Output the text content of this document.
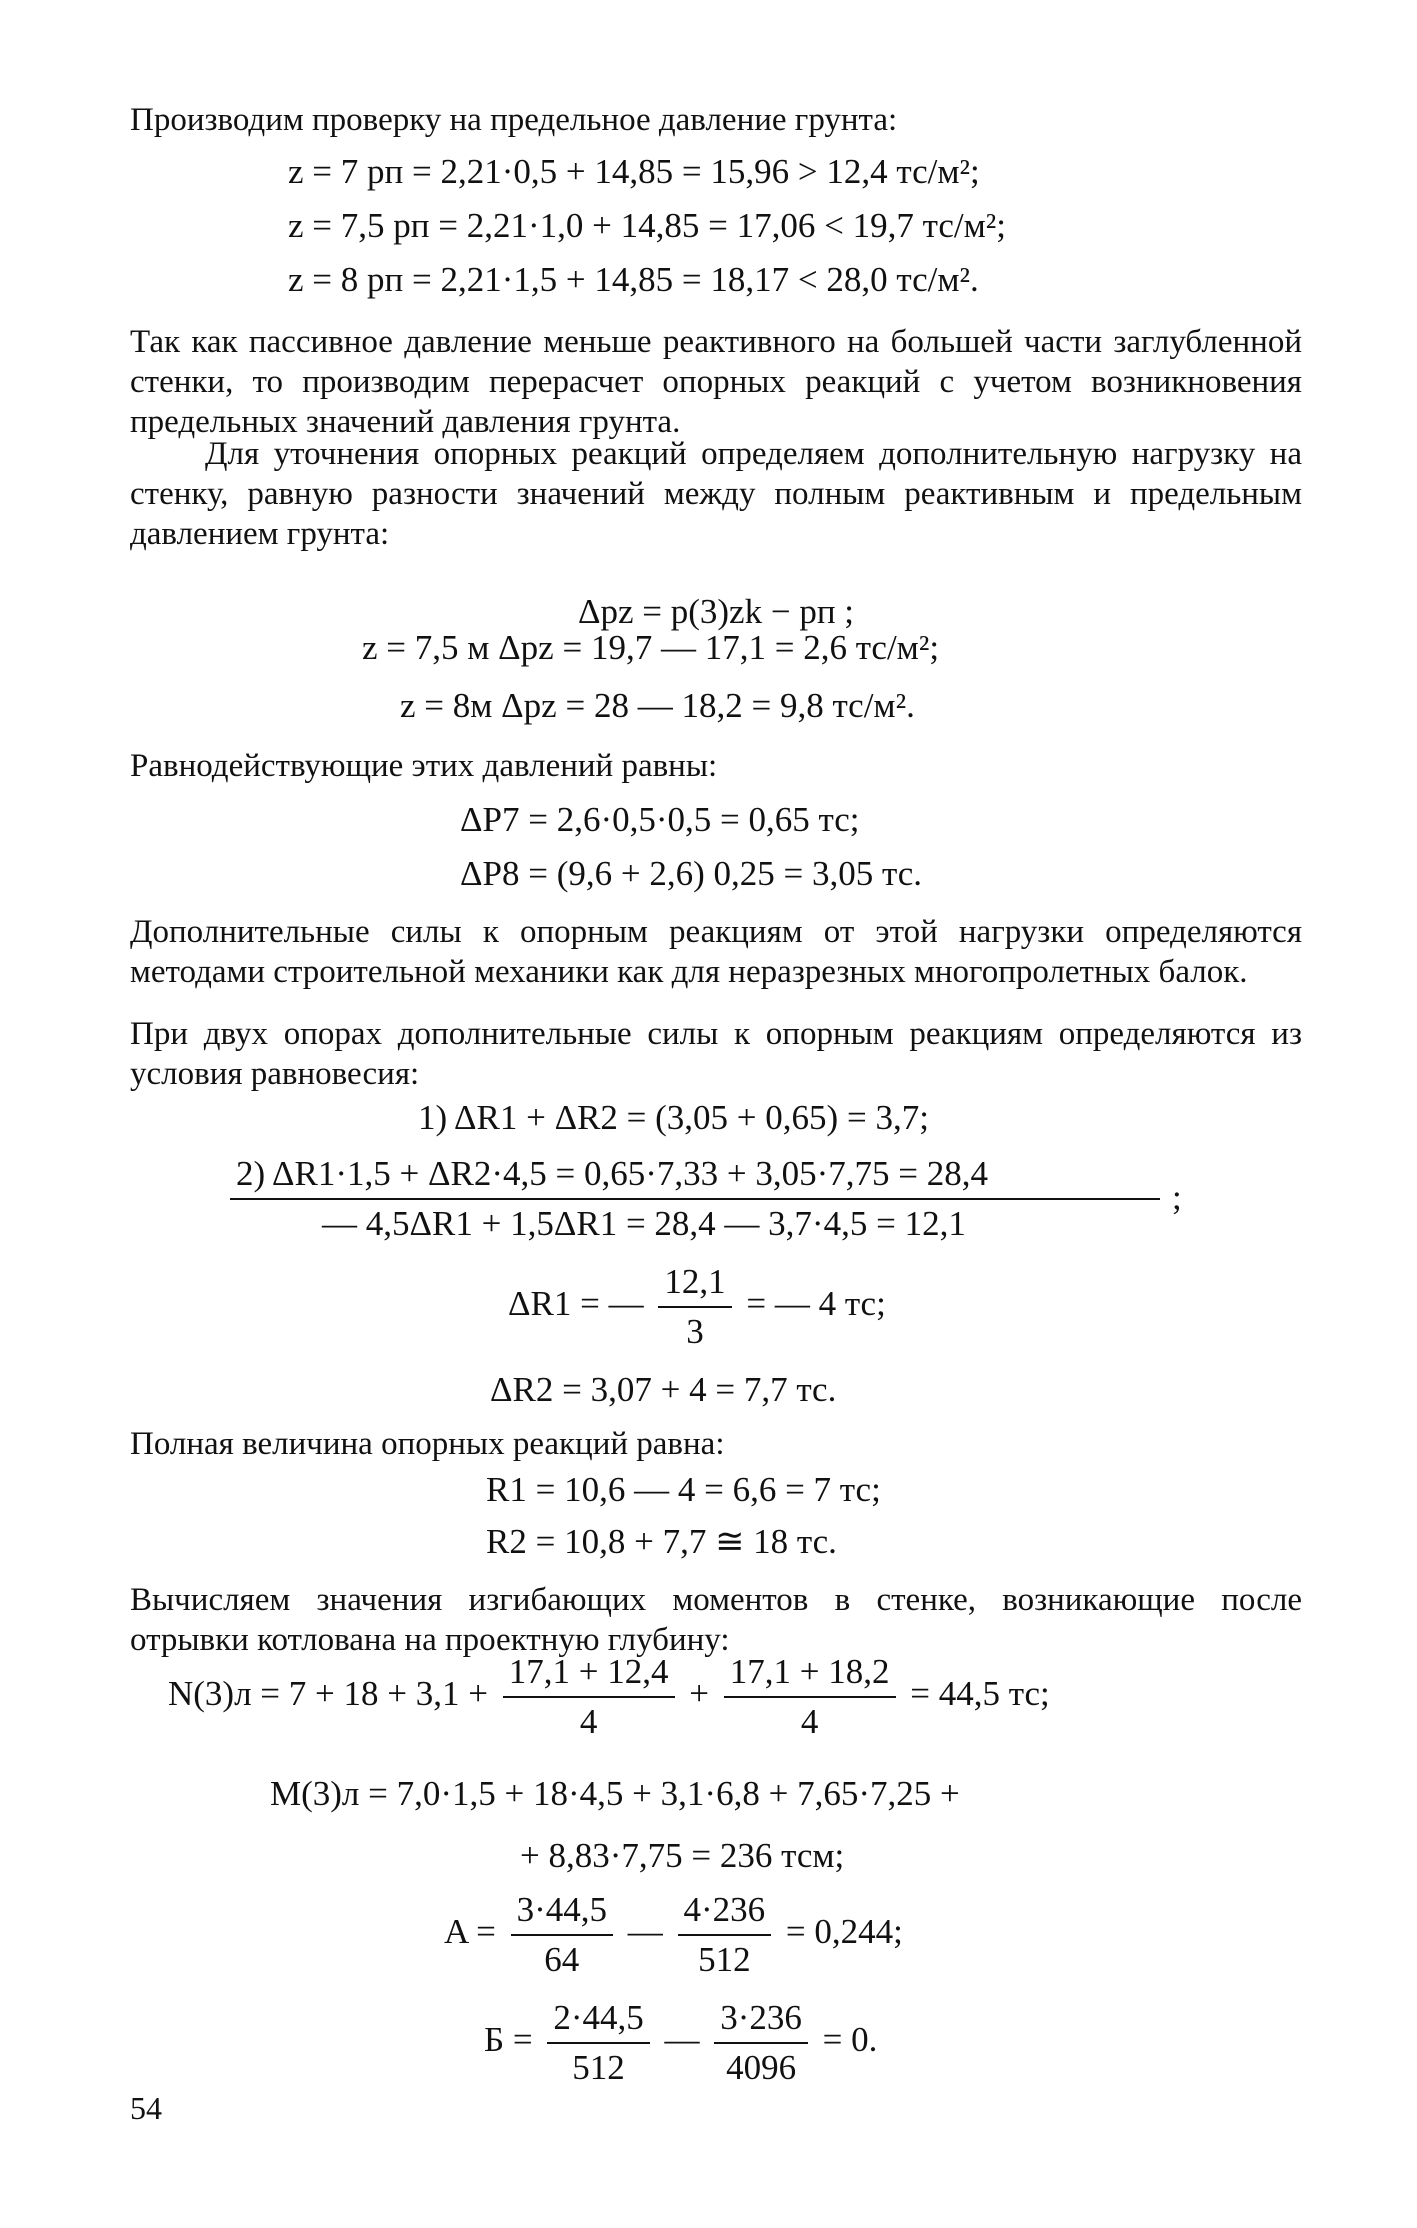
Производим проверку на предельное давление грунта:

z = 7 pп = 2,21·0,5 + 14,85 = 15,96 > 12,4 тс/м²;
z = 7,5 pп = 2,21·1,0 + 14,85 = 17,06 < 19,7 тс/м²;
z = 8 pп = 2,21·1,5 + 14,85 = 18,17 < 28,0 тс/м².

Так как пассивное давление меньше реактивного на большей части заглубленной стенки, то производим перерасчет опорных реакций с учетом возникновения предельных значений давления грунта.

Для уточнения опорных реакций определяем дополнительную нагрузку на стенку, равную разности значений между полным реактивным и предельным давлением грунта:

Δpz = p(3)zk − pп ;
z = 7,5 м Δpz = 19,7 — 17,1 = 2,6 тс/м²;
z = 8м Δpz = 28 — 18,2 = 9,8 тс/м².

Равнодействующие этих давлений равны:

ΔP7 = 2,6·0,5·0,5 = 0,65 тс;
ΔP8 = (9,6 + 2,6) 0,25 = 3,05 тс.

Дополнительные силы к опорным реакциям от этой нагрузки определяются методами строительной механики как для неразрезных многопролетных балок.

При двух опорах дополнительные силы к опорным реакциям определяются из условия равновесия:

1) ΔR1 + ΔR2 = (3,05 + 0,65) = 3,7;
2) ΔR1·1,5 + ΔR2·4,5 = 0,65·7,33 + 3,05·7,75 = 28,4
— 4,5ΔR1 + 1,5ΔR1 = 28,4 — 3,7·4,5 = 12,1
;
ΔR1 = — $\frac{12,1}{3}$ = — 4 тс;
ΔR2 = 3,07 + 4 = 7,7 тс.

Полная величина опорных реакций равна:

R1 = 10,6 — 4 = 6,6 = 7 тс;
R2 = 10,8 + 7,7 ≅ 18 тс.

Вычисляем значения изгибающих моментов в стенке, возникающие после отрывки котлована на проектную глубину:

$N(3)л = 7 + 18 + 3,1 + \frac{17,1 + 12,4}{4} + \frac{17,1 + 18,2}{4} = 44,5$ тс;
M(3)л = 7,0·1,5 + 18·4,5 + 3,1·6,8 + 7,65·7,25 +
+ 8,83·7,75 = 236 тсм;
$A = \frac{3\cdot 44,5}{64}$ — $\frac{4\cdot 236}{512} = 0,244$;
$Б = \frac{2\cdot 44,5}{512}$ — $\frac{3\cdot 236}{4096} = 0$.
54
